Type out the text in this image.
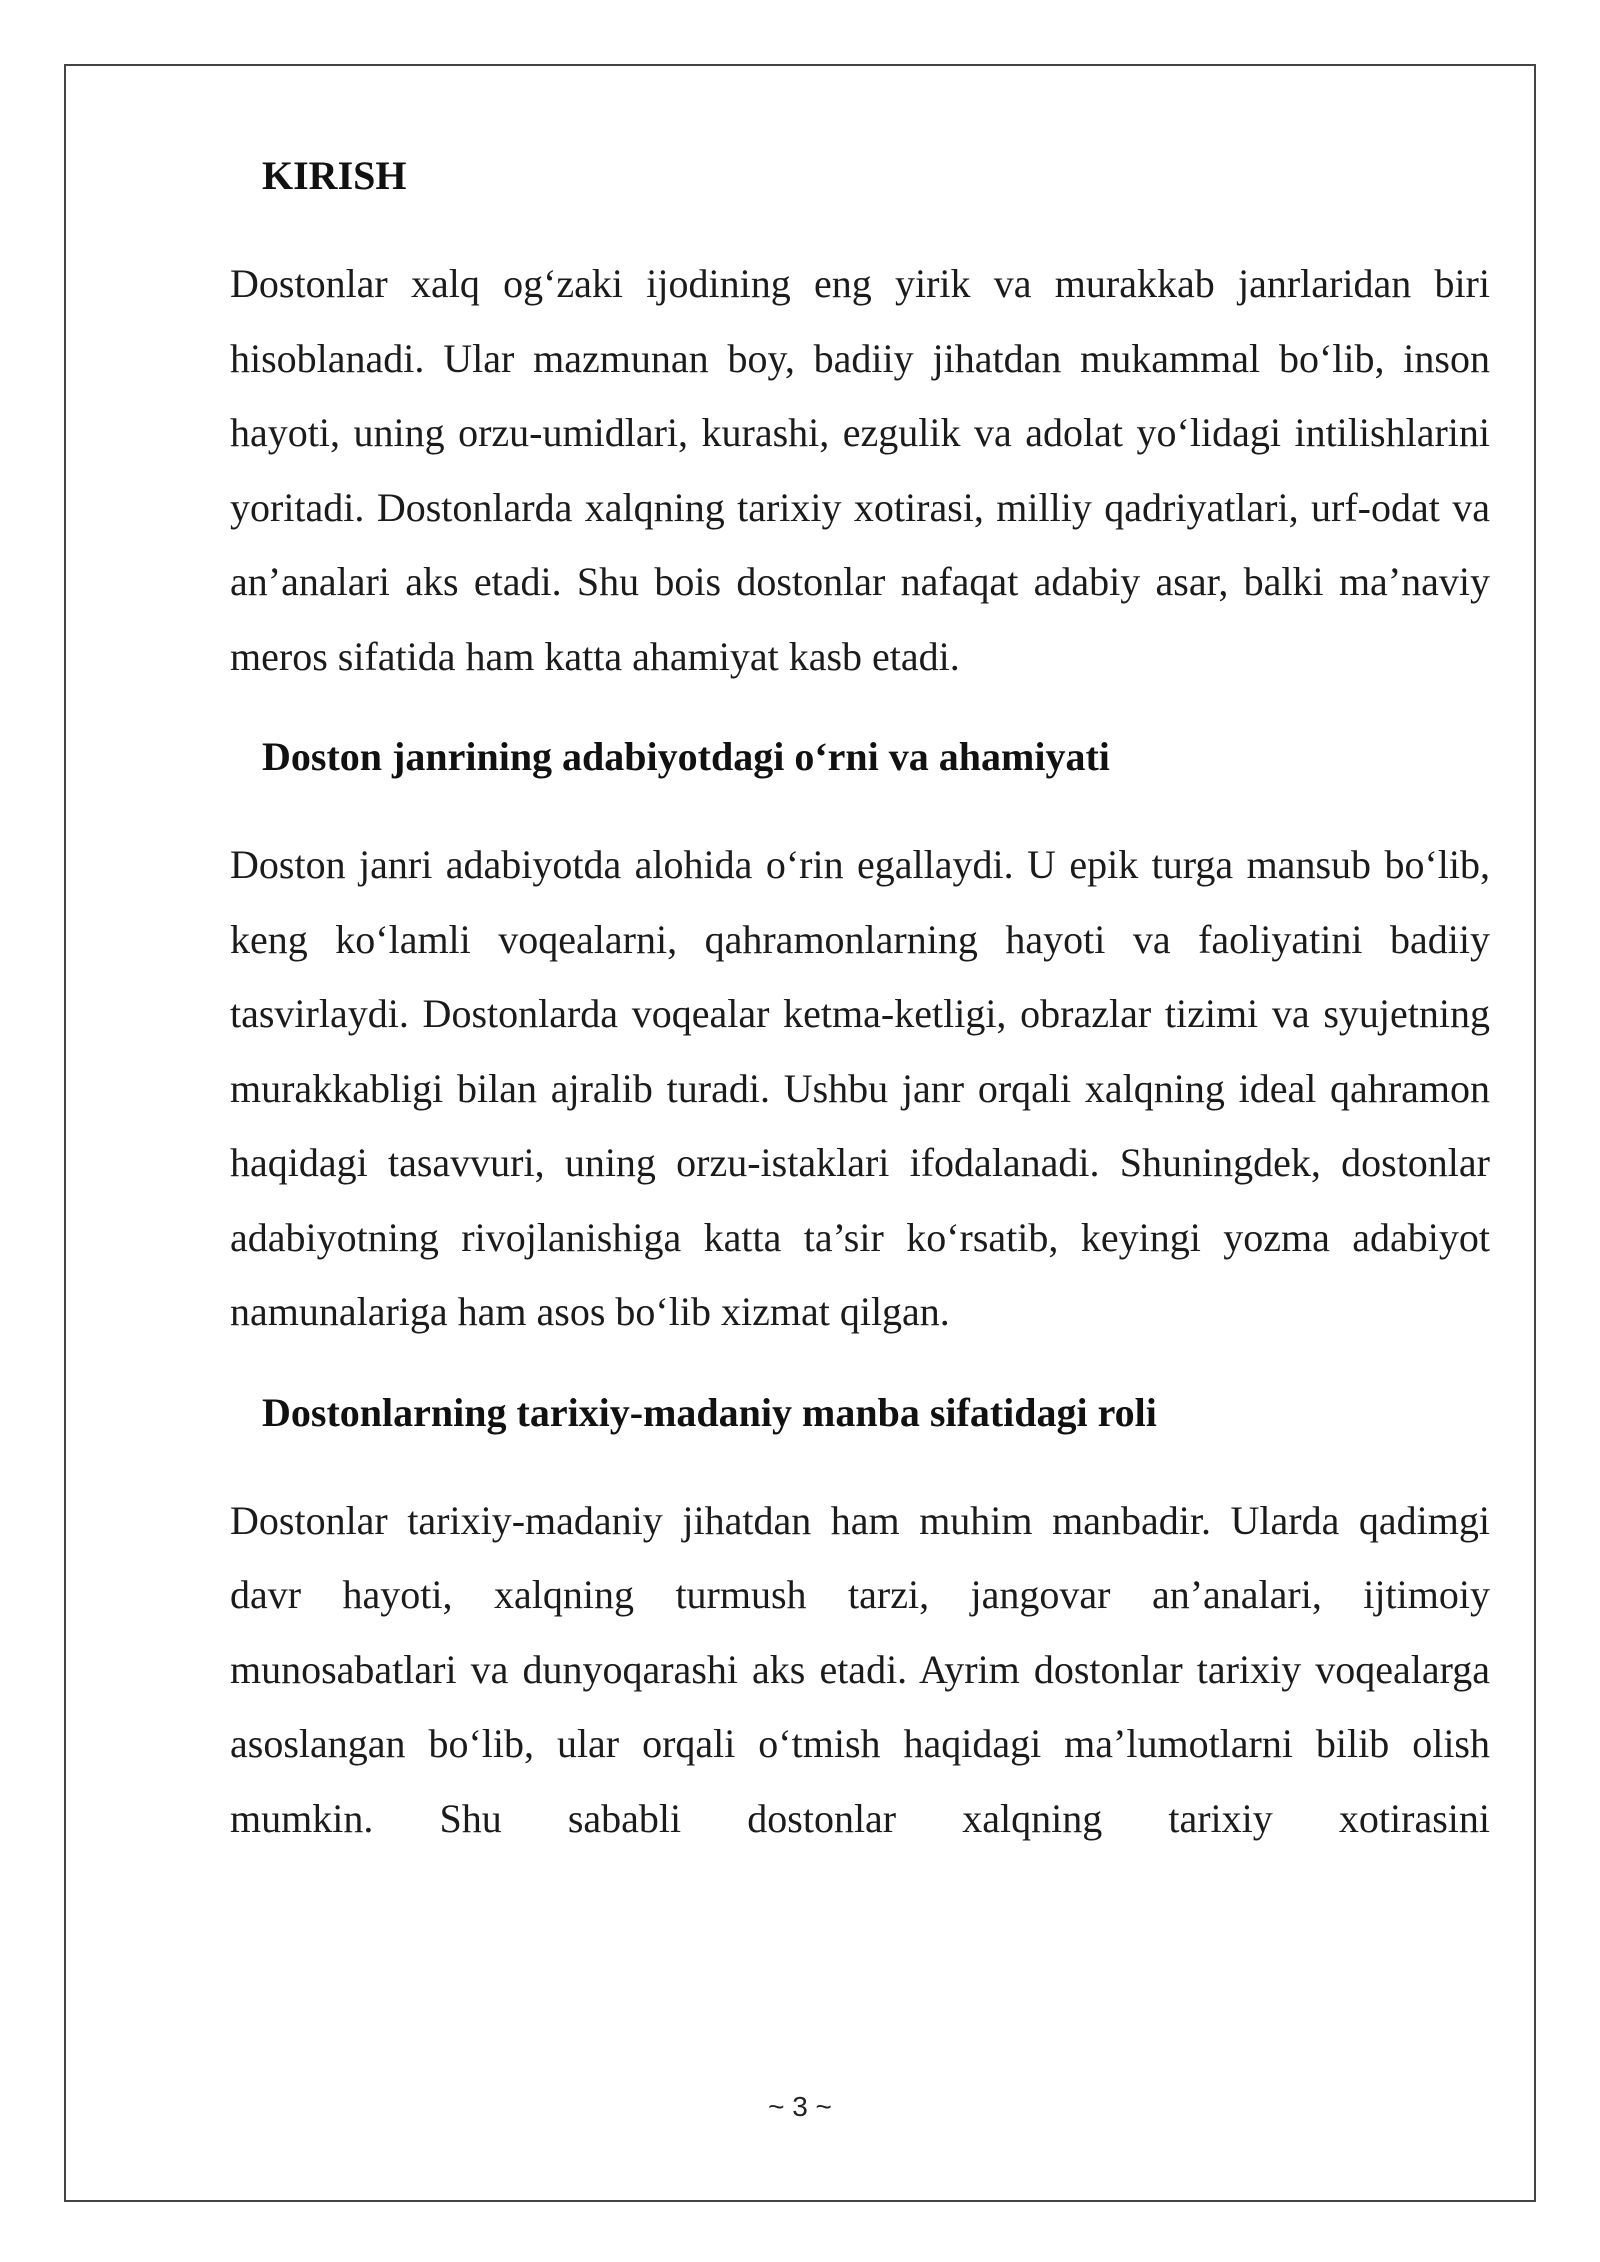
KIRISH

Dostonlar xalq og‘zaki ijodining eng yirik va murakkab janrlaridan biri hisoblanadi. Ular mazmunan boy, badiiy jihatdan mukammal bo‘lib, inson hayoti, uning orzu-umidlari, kurashi, ezgulik va adolat yo‘lidagi intilishlarini yoritadi. Dostonlarda xalqning tarixiy xotirasi, milliy qadriyatlari, urf-odat va an’analari aks etadi. Shu bois dostonlar nafaqat adabiy asar, balki ma’naviy meros sifatida ham katta ahamiyat kasb etadi.

Doston janrining adabiyotdagi o‘rni va ahamiyati

Doston janri adabiyotda alohida o‘rin egallaydi. U epik turga mansub bo‘lib, keng ko‘lamli voqealarni, qahramonlarning hayoti va faoliyatini badiiy tasvirlaydi. Dostonlarda voqealar ketma-ketligi, obrazlar tizimi va syujetning murakkabligi bilan ajralib turadi. Ushbu janr orqali xalqning ideal qahramon haqidagi tasavvuri, uning orzu-istaklari ifodalanadi. Shuningdek, dostonlar adabiyotning rivojlanishiga katta ta’sir ko‘rsatib, keyingi yozma adabiyot namunalariga ham asos bo‘lib xizmat qilgan.

Dostonlarning tarixiy-madaniy manba sifatidagi roli

Dostonlar tarixiy-madaniy jihatdan ham muhim manbadir. Ularda qadimgi davr hayoti, xalqning turmush tarzi, jangovar an’analari, ijtimoiy munosabatlari va dunyoqarashi aks etadi. Ayrim dostonlar tarixiy voqealarga asoslangan bo‘lib, ular orqali o‘tmish haqidagi ma’lumotlarni bilib olish mumkin. Shu sababli dostonlar xalqning tarixiy xotirasini

~ 3 ~
